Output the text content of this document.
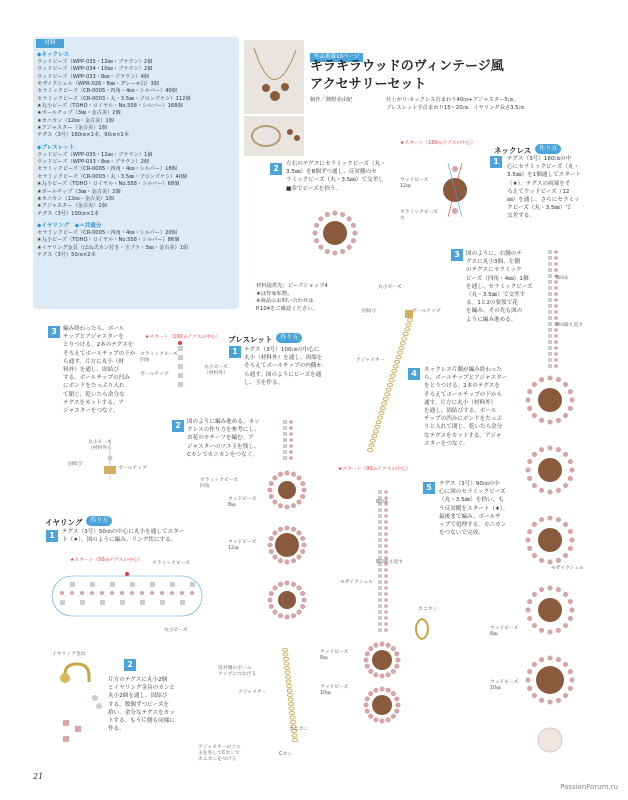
材料
◆ネックレス
ウッドビーズ（WPP-035・12㎜・ブラウン）2個
ウッドビーズ（WPP-034・10㎜・ブラウン）2個
ウッドビーズ（WPP-033・8㎜・ブラウン）4個
モザイクシェル（WPR-026・8㎜・グレー×白）3個
セラミックビーズ（CR-0005・四角・4㎜・シルバー）40個
セラミックビーズ（CR-0003・丸・3.5㎜・ブロンズケシ）112個
★丸小ビーズ（TOHO・ロイヤル・No.558・シルバー）168個
★ボールチップ（3㎜・金古美）2個
★カニカン（12㎜・金古美）1個
★アジャスター（金古美）1個
テグス（3号）160㎝×1本、90㎝×1本
◆ブレスレット
ウッドビーズ（WPP-035・12㎜・ブラウン）1個
ウッドビーズ（WPP-033・8㎜・ブラウン）2個
セラミックビーズ（CR-0005・四角・4㎜・シルバー）18個
セラミックビーズ（CR-0003・丸・3.5㎜・ブロンズケシ）40個
★丸小ビーズ（TOHO・ロイヤル・No.558・シルバー）68個
★ボールチップ（3㎜・金古美）2個
★カニカン（12㎜・金古美）1個
★アジャスター（金古美）1個
テグス（3号）100㎝×1本
◆イヤリング　◆＝共通分
セラミックビーズ（CR-0005・四角・4㎜・シルバー）20個
★丸小ビーズ（TOHO・ロイヤル・No.558・シルバー）86個
★イヤリング金具（ばね式カン付き・玉ブラ・3㎜・金古美）1組
テグス（3号）50㎝×2本
作品掲載10ページ
キラキラウッドのヴィンテージ風
アクセサリーセット
制作／篠野美由紀	仕上がり:ネックレス首まわり40㎝+アジャスター5㎝、
ブレスレット手首まわり15～20㎝、イヤリング長さ3.5㎝
ネックレス 作り方
★スタート（160㎝テグスの中心）
1	テグス（3号）160㎝の中
心にセラミックビーズ（丸・
3.5㎜）を1個通してスタート
（★）。テグスの両端をそ
ろえてウッドビーズ（12
㎜）を通し、さらにセラミッ
クビーズ（丸・3.5㎜）で
交差する。
ウッドビーズ
12㎜
セラミックビーズ
丸
2	左右のテグスにセラミックビーズ（丸・
3.5㎜）を8個ずつ通し、反対側のセ
ラミックビーズ（丸・3.5㎜）で交差し
■金でビーズを拾う。
材料提供先：ビーズショップ4
★は作家私物。
※商品のお問い合わせは
P.104をご確認ください。
3	図のように、右側のテ
グスに丸小3個、左側
のテグスにセラミック
ビーズ（四角・4㎜）1個
を通し、セラミックビーズ
（丸・3.5㎜）で交差す
る。1と2の要領で花
を編み、その先も図の
ように編み進める。
4	ネックレス片側が編み終わった
ら、ボールチップとアジャスター
をとりつける。2本のテグスを
そろえてボールチップの下から
通す。片方に丸小（材料外）
を通し、固結びする。ボール
チップの凹みにボンドをたっぷ
りと入れて閉じ、乾いたら余分
なテグスをカットする。アジャ
スターをつなぐ。
5	テグス（3号）90㎝の中
心に図のセラミックビーズ
（丸・3.5㎜）を拾い、も
う反対側をスタート（★）。
最後まで編み、ボールチ
ップで処理する。カニカン
をつないで完成。
★スタート（90㎝テグスの中心）
8回め
8回繰り返す
モザイクシェル
ウッドビーズ
8㎜
ウッドビーズ
10㎜
8回め
8回繰り返す
モザイクシェル
ウッドビーズ
8㎜
ウッドビーズ
10㎜
カニカン
丸小ビーズ
固結び	ボールチップ
アジャスター
ブレスレット 作り方
★スタート（100㎝テグスの中心）
1	テグス（3号）100㎝の中心に
丸小（材料外）を通し、両端を
そろえてボールチップの内側か
ら通す。図のようにビーズを通
し、玉を作る。
セラミックビーズ
四角
丸小ビーズ
（材料外）
ボールチップ
2	図のように編み進める。ネッ
クレスの作り方を参考にし、
お花のモチーフを編む。ア
ジャスターのツユ玉を残し、
Cカンでカニカンをつなぐ。
セラミックビーズ
四角
ウッドビーズ
8㎜
ウッドビーズ
12㎜
反対側のボール
チップにつなげる
アジャスター
カニカン
Cカン
アジャスターのツユ
玉を外してCカンで
カニカンをつける
3	編み終わったら、ボール
チップとアジャスターを
とりつける。2本のテグスを
そろえてボールチップの下か
ら通す。片方に丸小（材
料外）を通し、固結び
する。ボールチップの凹み
にボンドをたっぷり入れ
て閉じ、乾いたら余分な
テグスをカットする。ア
ジャスターをつなぐ。
丸小ビーズ
（材料外）
固結び
ボールチップ
イヤリング 作り方
1	テグス（3号）50㎝の中心に丸小を通してスター
ト（★）。図のように編み、リング状にする。
★スタート（50㎝テグスの中心）
セラミックビーズ
丸小ビーズ
イヤリング金具
2
片方のテグスに丸小2個
とイヤリング金具のカンと
丸小2個を通し、固結び
する。数個ずつビーズを
拾い、余分なテグスをカッ
トする。もう片側も同様に
作る。
21
PassionForum.ru
